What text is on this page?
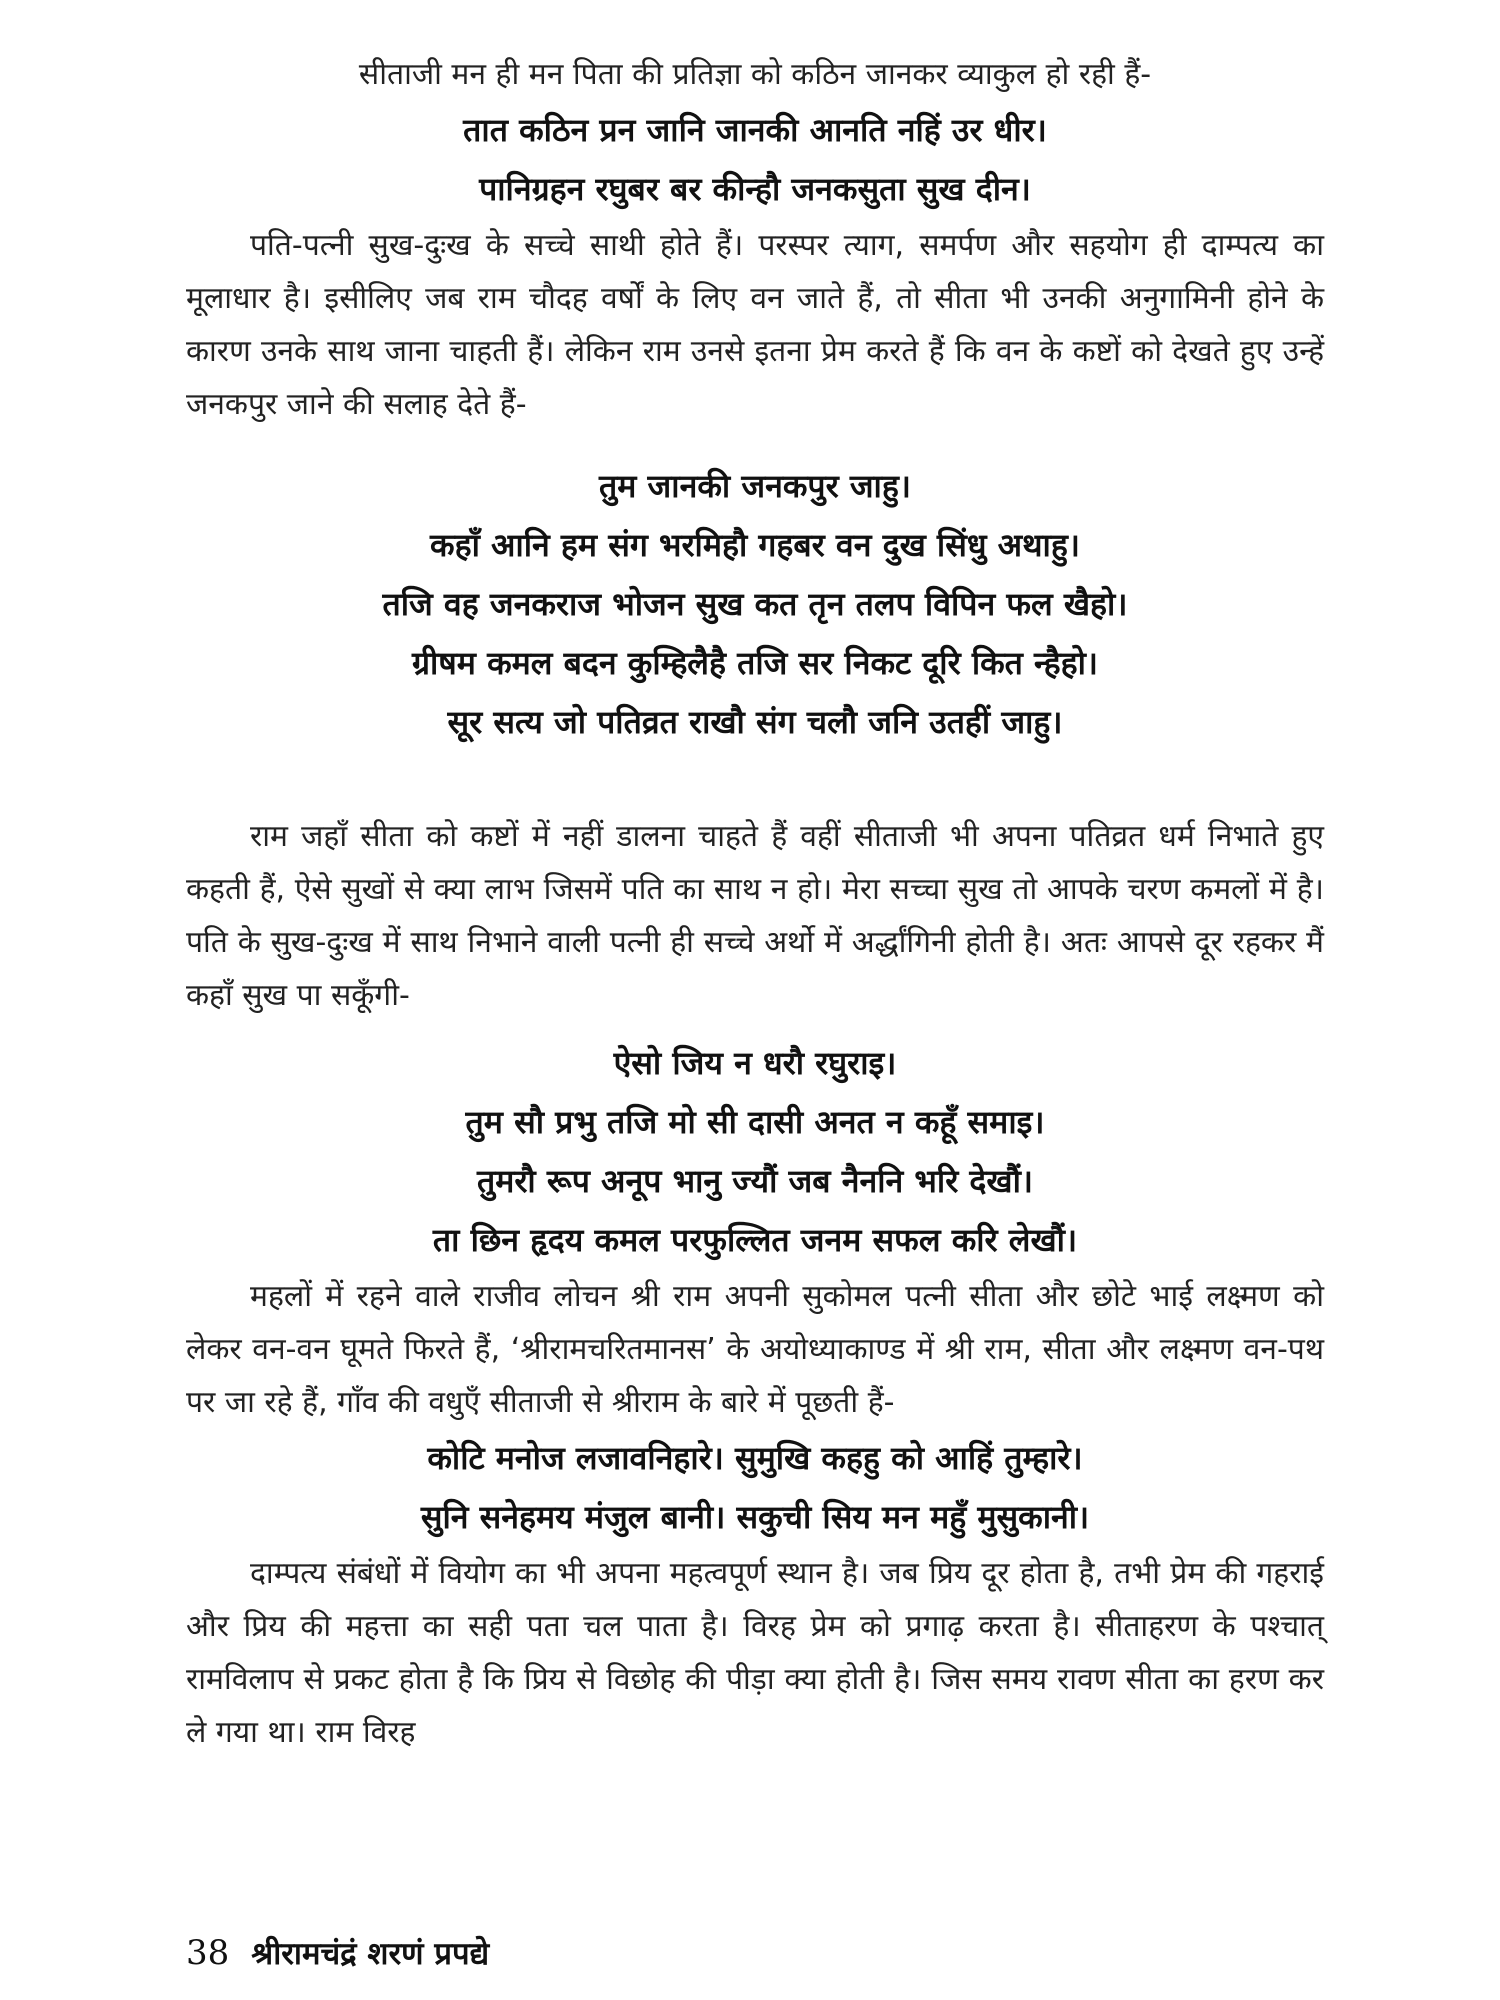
सीताजी मन ही मन पिता की प्रतिज्ञा को कठिन जानकर व्याकुल हो रही हैं-

तात कठिन प्रन जानि जानकी आनति नहिं उर धीर।
पानिग्रहन रघुबर बर कीन्हौ जनकसुता सुख दीन।

पति-पत्नी सुख-दुःख के सच्चे साथी होते हैं। परस्पर त्याग, समर्पण और सहयोग ही दाम्पत्य का मूलाधार है। इसीलिए जब राम चौदह वर्षों के लिए वन जाते हैं, तो सीता भी उनकी अनुगामिनी होने के कारण उनके साथ जाना चाहती हैं। लेकिन राम उनसे इतना प्रेम करते हैं कि वन के कष्टों को देखते हुए उन्हें जनकपुर जाने की सलाह देते हैं-

तुम जानकी जनकपुर जाहु।
कहाँ आनि हम संग भरमिहौ गहबर वन दुख सिंधु अथाहु।
तजि वह जनकराज भोजन सुख कत तृन तलप विपिन फल खैहो।
ग्रीषम कमल बदन कुम्हिलैहै तजि सर निकट दूरि कित न्हैहो।
सूर सत्य जो पतिव्रत राखौ संग चलौ जनि उतहीं जाहु।

राम जहाँ सीता को कष्टों में नहीं डालना चाहते हैं वहीं सीताजी भी अपना पतिव्रत धर्म निभाते हुए कहती हैं, ऐसे सुखों से क्या लाभ जिसमें पति का साथ न हो। मेरा सच्चा सुख तो आपके चरण कमलों में है। पति के सुख-दुःख में साथ निभाने वाली पत्नी ही सच्चे अर्थो में अर्द्धांगिनी होती है। अतः आपसे दूर रहकर मैं कहाँ सुख पा सकूँगी-

ऐसो जिय न धरौ रघुराइ।
तुम सौ प्रभु तजि मो सी दासी अनत न कहूँ समाइ।
तुमरौ रूप अनूप भानु ज्यौं जब नैननि भरि देखौं।
ता छिन हृदय कमल परफुल्लित जनम सफल करि लेखौं।

महलों में रहने वाले राजीव लोचन श्री राम अपनी सुकोमल पत्नी सीता और छोटे भाई लक्ष्मण को लेकर वन-वन घूमते फिरते हैं, ‘श्रीरामचरितमानस’ के अयोध्याकाण्ड में श्री राम, सीता और लक्ष्मण वन-पथ पर जा रहे हैं, गाँव की वधुएँ सीताजी से श्रीराम के बारे में पूछती हैं-

कोटि मनोज लजावनिहारे। सुमुखि कहहु को आहिं तुम्हारे।
सुनि सनेहमय मंजुल बानी। सकुची सिय मन महुँ मुसुकानी।

दाम्पत्य संबंधों में वियोग का भी अपना महत्वपूर्ण स्थान है। जब प्रिय दूर होता है, तभी प्रेम की गहराई और प्रिय की महत्ता का सही पता चल पाता है। विरह प्रेम को प्रगाढ़ करता है। सीताहरण के पश्चात् रामविलाप से प्रकट होता है कि प्रिय से विछोह की पीड़ा क्या होती है। जिस समय रावण सीता का हरण कर ले गया था। राम विरह

38 श्रीरामचंद्रं शरणं प्रपद्ये
